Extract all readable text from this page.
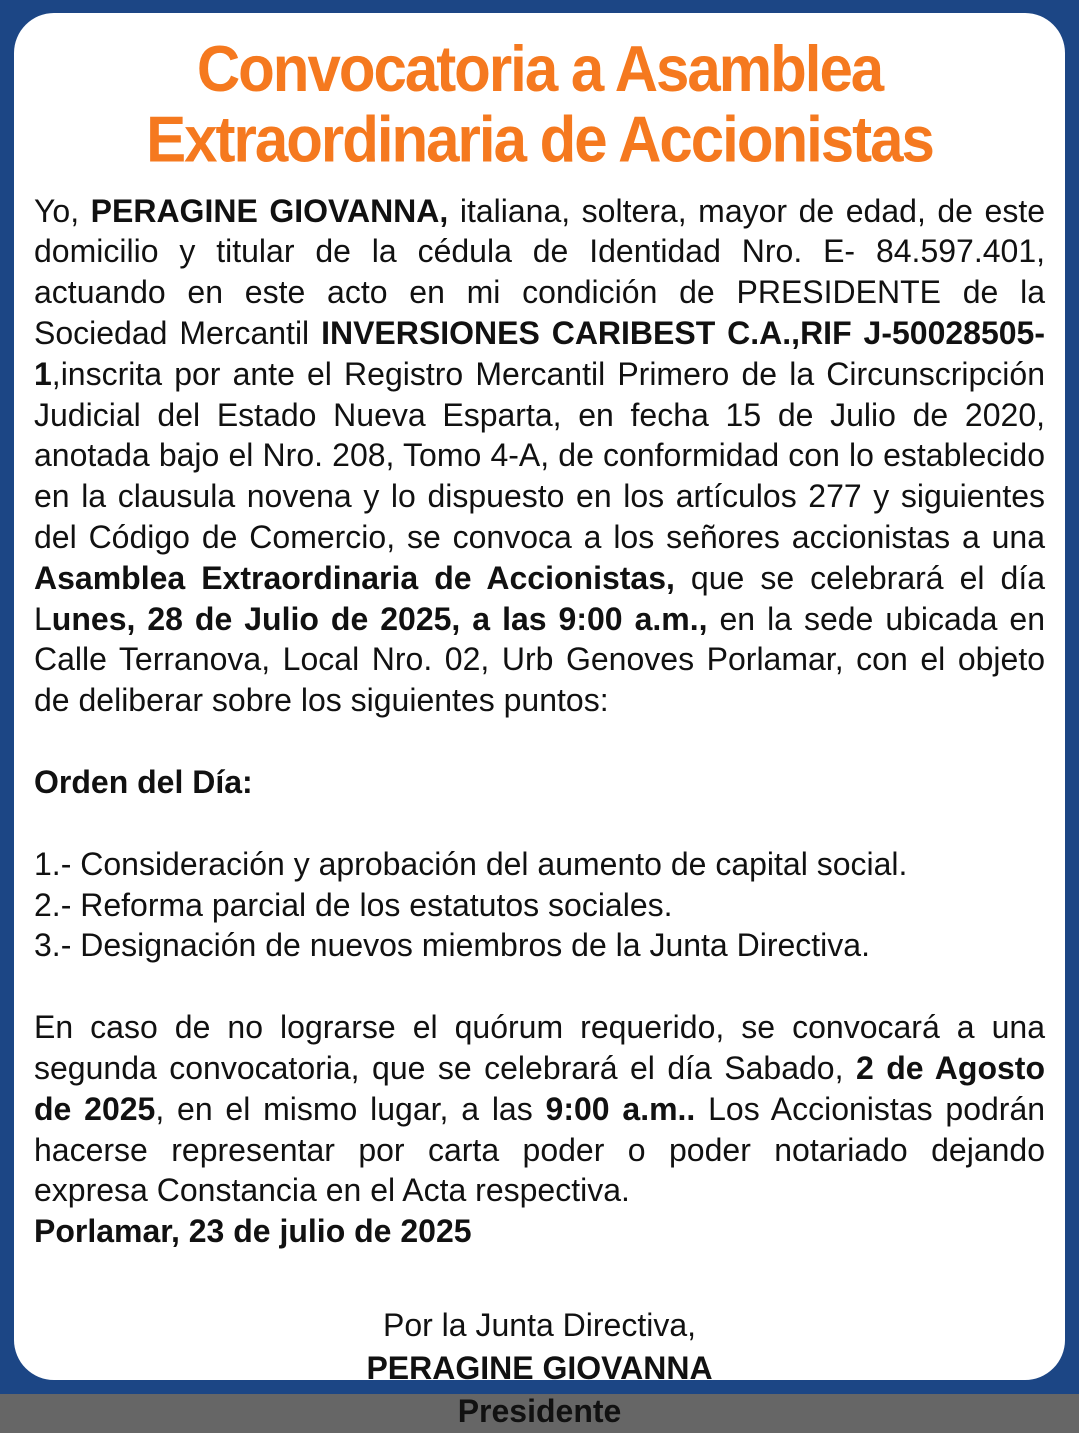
Convocatoria a Asamblea
Extraordinaria de Accionistas

Yo, PERAGINE GIOVANNA, italiana, soltera, mayor de edad, de este domicilio y titular de la cédula de Identidad Nro. E- 84.597.401, actuando en este acto en mi condición de PRESIDENTE de la Sociedad Mercantil INVERSIONES CARIBEST C.A.,RIF J-50028505-1,inscrita por ante el Registro Mercantil Primero de la Circunscripción Judicial del Estado Nueva Esparta, en fecha 15 de Julio de 2020, anotada bajo el Nro. 208, Tomo 4-A, de conformidad con lo establecido en la clausula novena y lo dispuesto en los artículos 277 y siguientes del Código de Comercio, se convoca a los señores accionistas a una Asamblea Extraordinaria de Accionistas, que se celebrará el día Lunes, 28 de Julio de 2025, a las 9:00 a.m., en la sede ubicada en Calle Terranova, Local Nro. 02, Urb Genoves Porlamar, con el objeto de deliberar sobre los siguientes puntos:

Orden del Día:
1.- Consideración y aprobación del aumento de capital social.
2.- Reforma parcial de los estatutos sociales.
3.- Designación de nuevos miembros de la Junta Directiva.

En caso de no lograrse el quórum requerido, se convocará a una segunda convocatoria, que se celebrará el día Sabado, 2 de Agosto de 2025, en el mismo lugar, a las 9:00 a.m.. Los Accionistas podrán hacerse representar por carta poder o poder notariado dejando expresa Constancia en el Acta respectiva.

Porlamar, 23 de julio de 2025
Por la Junta Directiva,
PERAGINE GIOVANNA
Presidente
